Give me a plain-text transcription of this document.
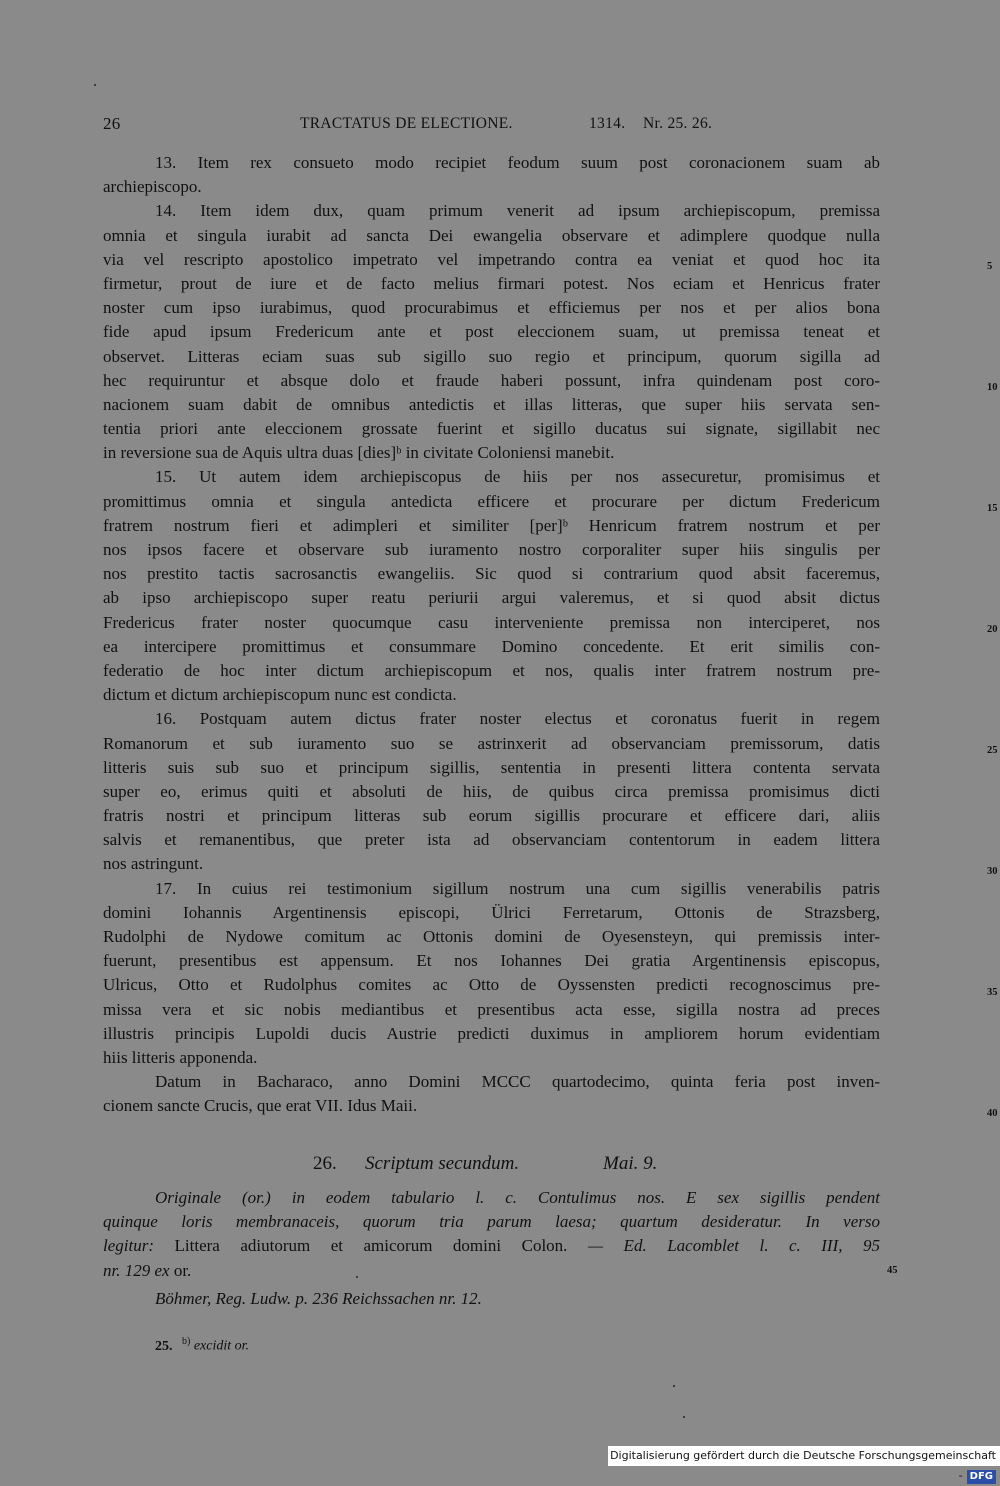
26	TRACTATUS DE ELECTIONE.	1314. Nr. 25. 26.
13. Item rex consueto modo recipiet feodum suum post coronacionem suam ab
archiepiscopo.
14. Item idem dux, quam primum venerit ad ipsum archiepiscopum, premissa
omnia et singula iurabit ad sancta Dei ewangelia observare et adimplere quodque nulla
via vel rescripto apostolico impetrato vel impetrando contra ea veniat et quod hoc ita
firmetur, prout de iure et de facto melius firmari potest. Nos eciam et Henricus frater
noster cum ipso iurabimus, quod procurabimus et efficiemus per nos et per alios bona
fide apud ipsum Fredericum ante et post eleccionem suam, ut premissa teneat et
observet. Litteras eciam suas sub sigillo suo regio et principum, quorum sigilla ad
hec requiruntur et absque dolo et fraude haberi possunt, infra quindenam post coro-
nacionem suam dabit de omnibus antedictis et illas litteras, que super hiis servata sen-
tentia priori ante eleccionem grossate fuerint et sigillo ducatus sui signate, sigillabit nec
in reversione sua de Aquis ultra duas [dies]ᵇ in civitate Coloniensi manebit.
15. Ut autem idem archiepiscopus de hiis per nos assecuretur, promisimus et
promittimus omnia et singula antedicta efficere et procurare per dictum Fredericum
fratrem nostrum fieri et adimpleri et similiter [per]ᵇ Henricum fratrem nostrum et per
nos ipsos facere et observare sub iuramento nostro corporaliter super hiis singulis per
nos prestito tactis sacrosanctis ewangeliis. Sic quod si contrarium quod absit faceremus,
ab ipso archiepiscopo super reatu periurii argui valeremus, et si quod absit dictus
Fredericus frater noster quocumque casu interveniente premissa non interciperet, nos
ea intercipere promittimus et consummare Domino concedente. Et erit similis con-
federatio de hoc inter dictum archiepiscopum et nos, qualis inter fratrem nostrum pre-
dictum et dictum archiepiscopum nunc est condicta.
16. Postquam autem dictus frater noster electus et coronatus fuerit in regem
Romanorum et sub iuramento suo se astrinxerit ad observanciam premissorum, datis
litteris suis sub suo et principum sigillis, sententia in presenti littera contenta servata
super eo, erimus quiti et absoluti de hiis, de quibus circa premissa promisimus dicti
fratris nostri et principum litteras sub eorum sigillis procurare et efficere dari, aliis
salvis et remanentibus, que preter ista ad observanciam contentorum in eadem littera
nos astringunt.
17. In cuius rei testimonium sigillum nostrum una cum sigillis venerabilis patris
domini Iohannis Argentinensis episcopi, Ülrici Ferretarum, Ottonis de Strazsberg,
Rudolphi de Nydowe comitum ac Ottonis domini de Oyesensteyn, qui premissis inter-
fuerunt, presentibus est appensum. Et nos Iohannes Dei gratia Argentinensis episcopus,
Ulricus, Otto et Rudolphus comites ac Otto de Oyssensten predicti recognoscimus pre-
missa vera et sic nobis mediantibus et presentibus acta esse, sigilla nostra ad preces
illustris principis Lupoldi ducis Austrie predicti duximus in ampliorem horum evidentiam
hiis litteris apponenda.
Datum in Bacharaco, anno Domini MCCC quartodecimo, quinta feria post inven-
cionem sancte Crucis, que erat VII. Idus Maii.
5
10
15
20
25
30
35
40
26. Scriptum secundum.	Mai. 9.
Originale (or.) in eodem tabulario l. c. Contulimus nos. E sex sigillis pendent
quinque loris membranaceis, quorum tria parum laesa; quartum desideratur. In verso
legitur: Littera adiutorum et amicorum domini Colon. — Ed. Lacomblet l. c. III, 95
nr. 129 ex or.	45
Böhmer, Reg. Ludw. p. 236 Reichssachen nr. 12.
25. $^{b)}$ excidit or.
Digitalisierung gefördert durch die Deutsche Forschungsgemeinschaft - DFG
